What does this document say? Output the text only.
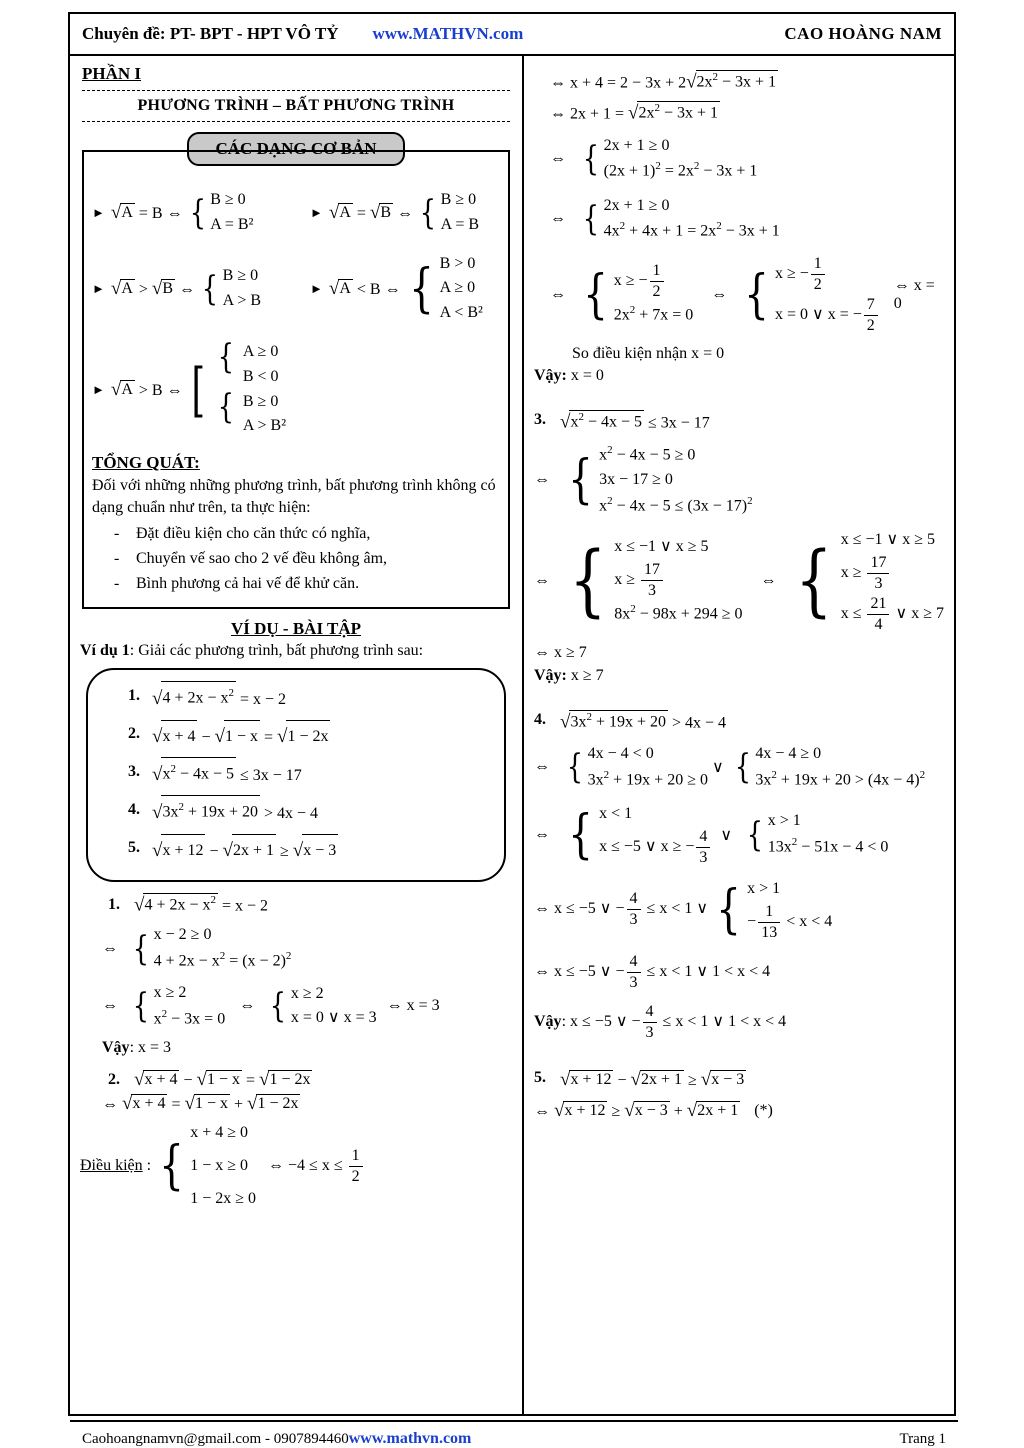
Chuyên đề: PT- BPT - HPT VÔ TỶ www.MATHVN.com	CAO HOÀNG NAM
PHẦN I
PHƯƠNG TRÌNH – BẤT PHƯƠNG TRÌNH
CÁC DẠNG CƠ BẢN
► √A = B ⇔ { B ≥ 0
A = B²
► √A = √B ⇔ { B ≥ 0
A = B
► √A > √B ⇔ { B ≥ 0
A > B
► √A < B ⇔ { B > 0
A ≥ 0
A < B²
► √A > B ⇔ [ { A ≥ 0
B < 0
{ B ≥ 0
A > B²
TỔNG QUÁT:
Đối với những những phương trình, bất phương trình không có dạng chuẩn như trên, ta thực hiện:
- Đặt điều kiện cho căn thức có nghĩa,
- Chuyển vế sao cho 2 vế đều không âm,
- Bình phương cả hai vế để khử căn.
VÍ DỤ - BÀI TẬP
Ví dụ 1: Giải các phương trình, bất phương trình sau:
1. $√4 + 2x - x^2 = x - 2$
2. √x + 4 − √1 − x = √1 − 2x
3. $√x^2 - 4x - 5 \le 3x - 17$
4. $√3x^2 + 19x + 20 > 4x - 4$
5. √x + 12 − √2x + 1 ≥ √x − 3
1. $√4 + 2x - x^2 = x - 2$
⇔ { x − 2 ≥ 0
$4 + 2x - x^2 = (x - 2)^2$
⇔ { x ≥ 2
$x^2 - 3x = 0$
⇔ { x ≥ 2
x = 0 ∨ x = 3
⇔ x = 3
Vậy: x = 3
2. √x + 4 − √1 − x = √1 − 2x
⇔ √x + 4 = √1 − x + √1 − 2x
Điều kiện : {
x + 4 ≥ 0
1 − x ≥ 0 ⇔ $-4 \le x \le \frac{1}{2}$
1 − 2x ≥ 0
⇔ $x + 4 = 2 - 3x + 2√2x^2 - 3x + 1$
⇔ $2x + 1 = √2x^2 - 3x + 1$
⇔ { 2x + 1 ≥ 0
$(2x + 1)^2 = 2x^2 - 3x + 1$
⇔ { 2x + 1 ≥ 0
$4x^2 + 4x + 1 = 2x^2 - 3x + 1$
⇔ { x ≥ − $\frac{1}{2}$
$2x^2 + 7x = 0$
⇔ { x ≥ − $\frac{1}{2}$
x = 0 ∨ x = − $\frac{7}{2}$
⇔ x = 0
So điều kiện nhận x = 0
Vậy: x = 0
3. $√x^2 - 4x - 5 \le 3x - 17$
⇔ { $x^2 - 4x - 5 \ge 0$
3x − 17 ≥ 0
$x^2 - 4x - 5 \le (3x - 17)^2$
⇔ { x ≤ −1 ∨ x ≥ 5
$x \ge \frac{17}{3}$
$8x^2 - 98x + 294 \ge 0$
⇔ { x ≤ −1 ∨ x ≥ 5
$x \ge \frac{17}{3}$
$x \le \frac{21}{4}$ ∨ x ≥ 7
⇔ x ≥ 7
Vậy: x ≥ 7
4. $√3x^2 + 19x + 20 > 4x - 4$
⇔ { 4x − 4 < 0
$3x^2 + 19x + 20 \ge 0$
∨ { 4x − 4 ≥ 0
$3x^2 + 19x + 20 > (4x - 4)^2$
⇔ { x < 1
x ≤ −5 ∨ x ≥ − $\frac{4}{3}$ ∨ { x > 1
$13x^2 - 51x - 4 < 0$
⇔ x ≤ −5 ∨ − $\frac{4}{3} \le x < 1$ ∨ { x > 1
− $\frac{1}{13} < x < 4$
⇔ x ≤ −5 ∨ − $\frac{4}{3} \le x < 1$ ∨ 1 < x < 4
Vậy : x ≤ −5 ∨ − $\frac{4}{3} \le x < 1$ ∨ 1 < x < 4
5. √x + 12 − √2x + 1 ≥ √x − 3
⇔ √x + 12 ≥ √x − 3 + √2x + 1 (*)
Caohoangnamvn@gmail.com - 0907894460 www.mathvn.com	Trang 1
